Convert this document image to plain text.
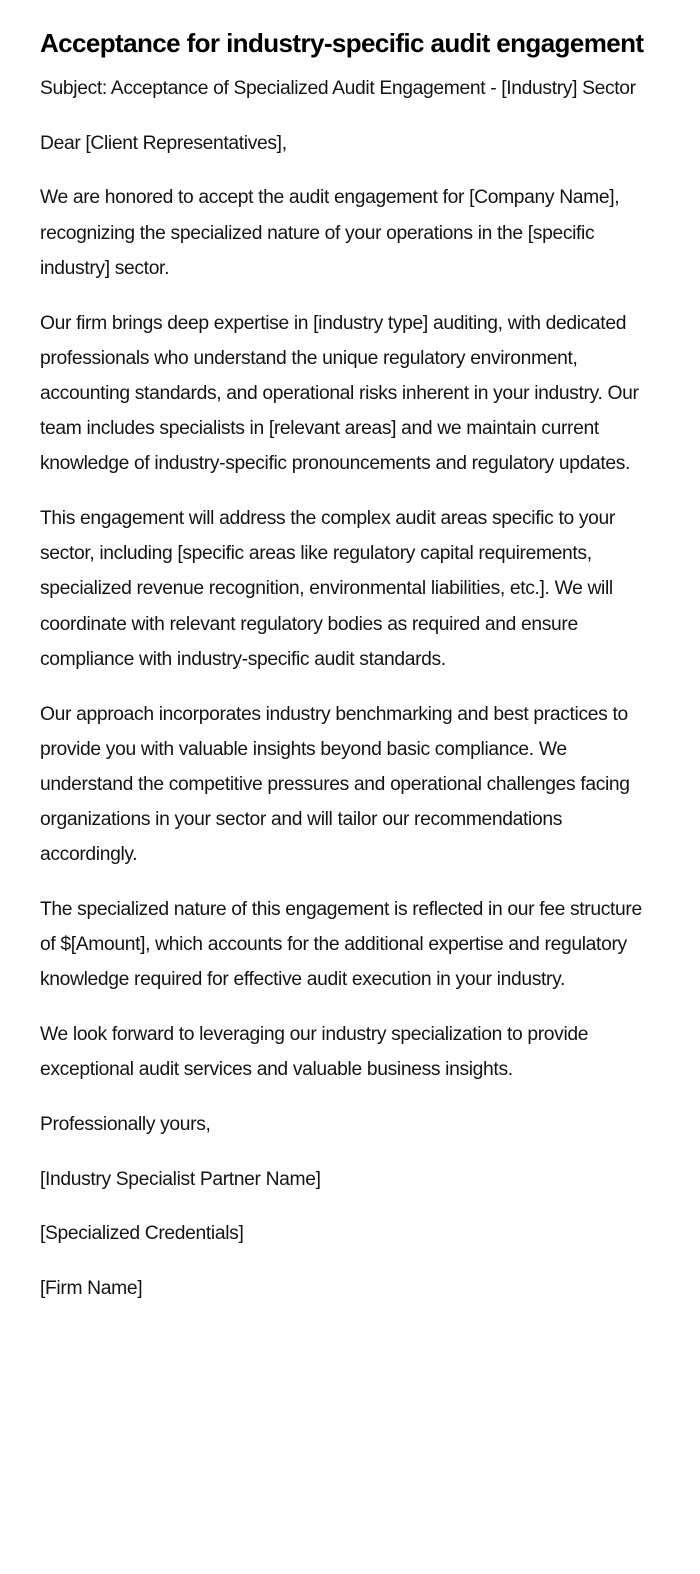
Acceptance for industry-specific audit engagement

Subject: Acceptance of Specialized Audit Engagement - [Industry] Sector

Dear [Client Representatives],

We are honored to accept the audit engagement for [Company Name], recognizing the specialized nature of your operations in the [specific industry] sector.

Our firm brings deep expertise in [industry type] auditing, with dedicated professionals who understand the unique regulatory environment, accounting standards, and operational risks inherent in your industry. Our team includes specialists in [relevant areas] and we maintain current knowledge of industry-specific pronouncements and regulatory updates.

This engagement will address the complex audit areas specific to your sector, including [specific areas like regulatory capital requirements, specialized revenue recognition, environmental liabilities, etc.]. We will coordinate with relevant regulatory bodies as required and ensure compliance with industry-specific audit standards.

Our approach incorporates industry benchmarking and best practices to provide you with valuable insights beyond basic compliance. We understand the competitive pressures and operational challenges facing organizations in your sector and will tailor our recommendations accordingly.

The specialized nature of this engagement is reflected in our fee structure of $[Amount], which accounts for the additional expertise and regulatory knowledge required for effective audit execution in your industry.

We look forward to leveraging our industry specialization to provide exceptional audit services and valuable business insights.

Professionally yours,

[Industry Specialist Partner Name]

[Specialized Credentials]

[Firm Name]
